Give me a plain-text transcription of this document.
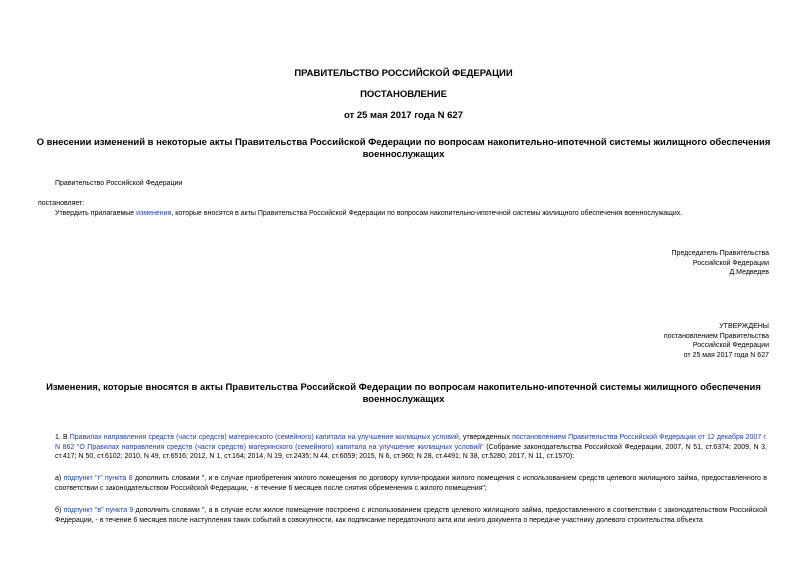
ПРАВИТЕЛЬСТВО РОССИЙСКОЙ ФЕДЕРАЦИИ
ПОСТАНОВЛЕНИЕ
от 25 мая 2017 года N 627
О внесении изменений в некоторые акты Правительства Российской Федерации по вопросам накопительно-ипотечной системы жилищного обеспечения
военнослужащих
Правительство Российской Федерации
постановляет:
Утвердить прилагаемые изменения, которые вносятся в акты Правительства Российской Федерации по вопросам накопительно-ипотечной системы жилищного обеспечения военнослужащих.
Председатель Правительства
Российской Федерации
Д.Медведев
УТВЕРЖДЕНЫ
постановлением Правительства
Российской Федерации
от 25 мая 2017 года N 627
Изменения, которые вносятся в акты Правительства Российской Федерации по вопросам накопительно-ипотечной системы жилищного обеспечения
военнослужащих
1. В Правилах направления средств (части средств) материнского (семейного) капитала на улучшение жилищных условий, утвержденных постановлением Правительства Российской Федерации от 12 декабря 2007 г. N 862 "О Правилах направления средств (части средств) материнского (семейного) капитала на улучшение жилищных условий" (Собрание законодательства Российской Федерации, 2007, N 51, ст.6374; 2009, N 3, ст.417; N 50, ст.6102; 2010, N 49, ст.6516; 2012, N 1, ст.164; 2014, N 19, ст.2435; N 44, ст.6059; 2015, N 6, ст.960; N 28, ст.4491; N 38, ст.5280; 2017, N 11, ст.1570):
а) подпункт "г" пункта 8 дополнить словами ", и в случае приобретения жилого помещения по договору купли-продажи жилого помещения с использованием средств целевого жилищного займа, предоставленного в соответствии с законодательством Российской Федерации, - в течение 6 месяцев после снятия обременения с жилого помещения";
б) подпункт "в" пункта 9 дополнить словами ", а в случае если жилое помещение построено с использованием средств целевого жилищного займа, предоставленного в соответствии с законодательством Российской Федерации, - в течение 6 месяцев после наступления таких событий в совокупности, как подписание передаточного акта или иного документа о передаче участнику долевого строительства объекта
